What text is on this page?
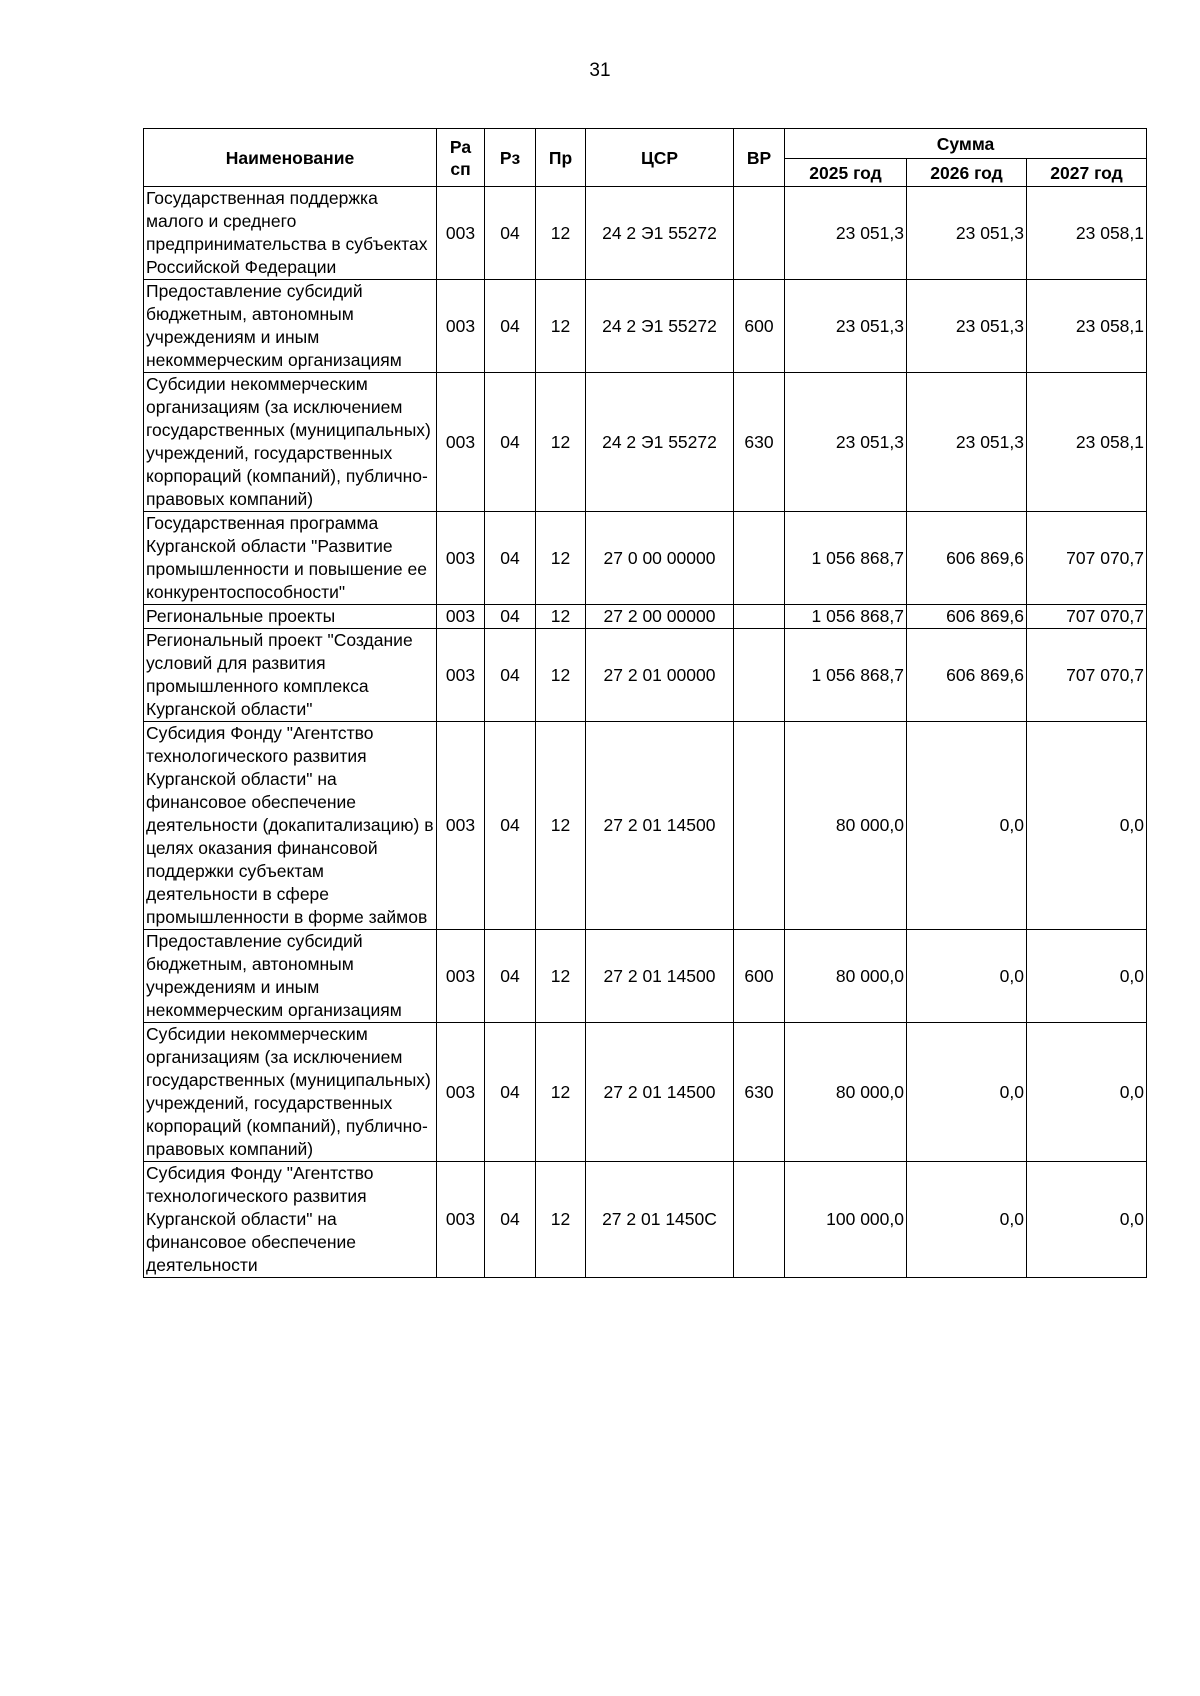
31
Наименование	Ра сп	Рз	Пр	ЦСР	ВР	Сумма		
						2025 год	2026 год	2027 год
Государственная поддержка малого и среднего предпринимательства в субъектах Российской Федерации	003	04	12	24 2 Э1 55272		23 051,3	23 051,3	23 058,1
Предоставление субсидий бюджетным, автономным учреждениям и иным некоммерческим организациям	003	04	12	24 2 Э1 55272	600	23 051,3	23 051,3	23 058,1
Субсидии некоммерческим организациям (за исключением государственных (муниципальных) учреждений, государственных корпораций (компаний), публично-правовых компаний)	003	04	12	24 2 Э1 55272	630	23 051,3	23 051,3	23 058,1
Государственная программа Курганской области "Развитие промышленности и повышение ее конкурентоспособности"	003	04	12	27 0 00 00000		1 056 868,7	606 869,6	707 070,7
Региональные проекты	003	04	12	27 2 00 00000		1 056 868,7	606 869,6	707 070,7
Региональный проект "Создание условий для развития промышленного комплекса Курганской области"	003	04	12	27 2 01 00000		1 056 868,7	606 869,6	707 070,7
Субсидия Фонду "Агентство технологического развития Курганской области" на финансовое обеспечение деятельности (докапитализацию) в целях оказания финансовой поддержки субъектам деятельности в сфере промышленности в форме займов	003	04	12	27 2 01 14500		80 000,0	0,0	0,0
Предоставление субсидий бюджетным, автономным учреждениям и иным некоммерческим организациям	003	04	12	27 2 01 14500	600	80 000,0	0,0	0,0
Субсидии некоммерческим организациям (за исключением государственных (муниципальных) учреждений, государственных корпораций (компаний), публично-правовых компаний)	003	04	12	27 2 01 14500	630	80 000,0	0,0	0,0
Субсидия Фонду "Агентство технологического развития Курганской области" на финансовое обеспечение деятельности	003	04	12	27 2 01 1450С		100 000,0	0,0	0,0
